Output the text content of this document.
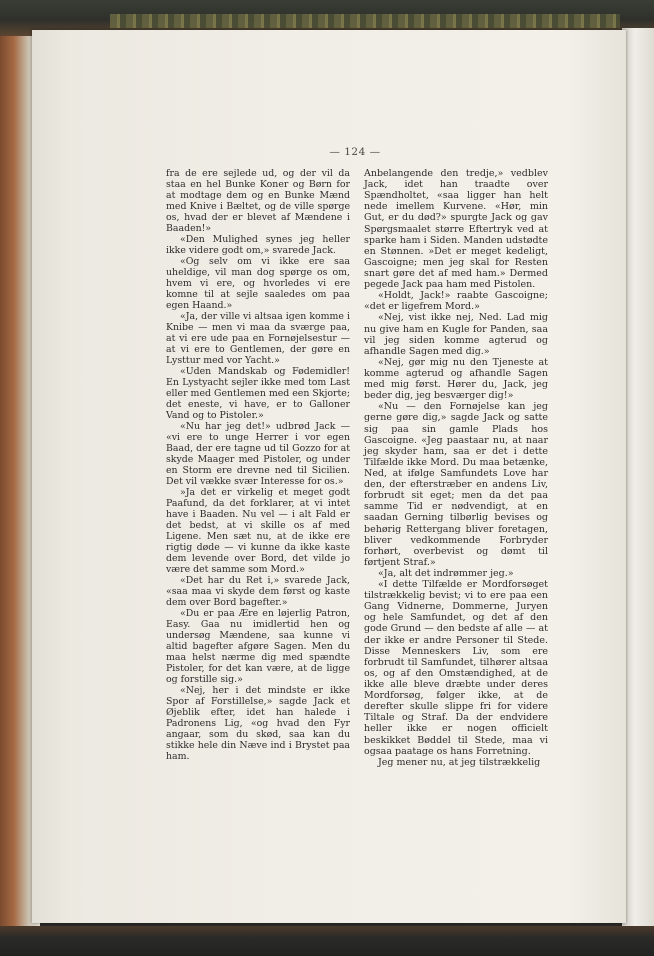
— 124 —

fra de ere sejlede ud, og der vil da staa en hel Bunke Koner og Børn for at modtage dem og en Bunke Mænd med Knive i Bæltet, og de ville spørge os, hvad der er blevet af Mændene i Baaden!»

«Den Mulighed synes jeg heller ikke videre godt om,» svarede Jack.

«Og selv om vi ikke ere saa uheldige, vil man dog spørge os om, hvem vi ere, og hvorledes vi ere komne til at sejle saaledes om paa egen Haand.»

«Ja, der ville vi altsaa igen komme i Knibe — men vi maa da sværge paa, at vi ere ude paa en Fornøjelsestur — at vi ere to Gentlemen, der gøre en Lysttur med vor Yacht.»

«Uden Mandskab og Fødemidler! En Lystyacht sejler ikke med tom Last eller med Gentlemen med een Skjorte; det eneste, vi have, er to Galloner Vand og to Pistoler.»

«Nu har jeg det!» udbrød Jack — «vi ere to unge Herrer i vor egen Baad, der ere tagne ud til Gozzo for at skyde Maager med Pistoler, og under en Storm ere drevne ned til Sicilien. Det vil vække svær Interesse for os.»

»Ja det er virkelig et meget godt Paafund, da det forklarer, at vi intet have i Baaden. Nu vel — i alt Fald er det bedst, at vi skille os af med Ligene. Men sæt nu, at de ikke ere rigtig døde — vi kunne da ikke kaste dem levende over Bord, det vilde jo være det samme som Mord.»

«Det har du Ret i,» svarede Jack, «saa maa vi skyde dem først og kaste dem over Bord bagefter.»

«Du er paa Ære en løjerlig Patron, Easy. Gaa nu imidlertid hen og undersøg Mændene, saa kunne vi altid bagefter afgøre Sagen. Men du maa helst nærme dig med spændte Pistoler, for det kan være, at de ligge og forstille sig.»

«Nej, her i det mindste er ikke Spor af Forstillelse,» sagde Jack et Øjeblik efter, idet han halede i Padronens Lig, «og hvad den Fyr angaar, som du skød, saa kan du stikke hele din Næve ind i Brystet paa ham.

Anbelangende den tredje,» vedblev Jack, idet han traadte over Spændholtet, «saa ligger han helt nede imellem Kurvene. «Hør, min Gut, er du død?» spurgte Jack og gav Spørgsmaalet større Eftertryk ved at sparke ham i Siden. Manden udstødte en Stønnen. »Det er meget kedeligt, Gascoigne; men jeg skal for Resten snart gøre det af med ham.» Dermed pegede Jack paa ham med Pistolen.

«Holdt, Jack!» raabte Gascoigne; «det er ligefrem Mord.»

«Nej, vist ikke nej, Ned. Lad mig nu give ham en Kugle for Panden, saa vil jeg siden komme agterud og afhandle Sagen med dig.»

«Nej, gør mig nu den Tjeneste at komme agterud og afhandle Sagen med mig først. Hører du, Jack, jeg beder dig, jeg besværger dig!»

«Nu — den Fornøjelse kan jeg gerne gøre dig,» sagde Jack og satte sig paa sin gamle Plads hos Gascoigne. «Jeg paastaar nu, at naar jeg skyder ham, saa er det i dette Tilfælde ikke Mord. Du maa betænke, Ned, at ifølge Samfundets Love har den, der efterstræber en andens Liv, forbrudt sit eget; men da det paa samme Tid er nødvendigt, at en saadan Gerning tilbørlig bevises og behørig Rettergang bliver foretagen, bliver vedkommende Forbryder forhørt, overbevist og dømt til førtjent Straf.»

«Ja, alt det indrømmer jeg.»

«I dette Tilfælde er Mordforsøget tilstrækkelig bevist; vi to ere paa een Gang Vidnerne, Dommerne, Juryen og hele Samfundet, og det af den gode Grund — den bedste af alle — at der ikke er andre Personer til Stede. Disse Menneskers Liv, som ere forbrudt til Samfundet, tilhører altsaa os, og af den Omstændighed, at de ikke alle bleve dræbte under deres Mordforsøg, følger ikke, at de derefter skulle slippe fri for videre Tiltale og Straf. Da der endvidere heller ikke er nogen officielt beskikket Bøddel til Stede, maa vi ogsaa paatage os hans Forretning.

Jeg mener nu, at jeg tilstrækkelig
